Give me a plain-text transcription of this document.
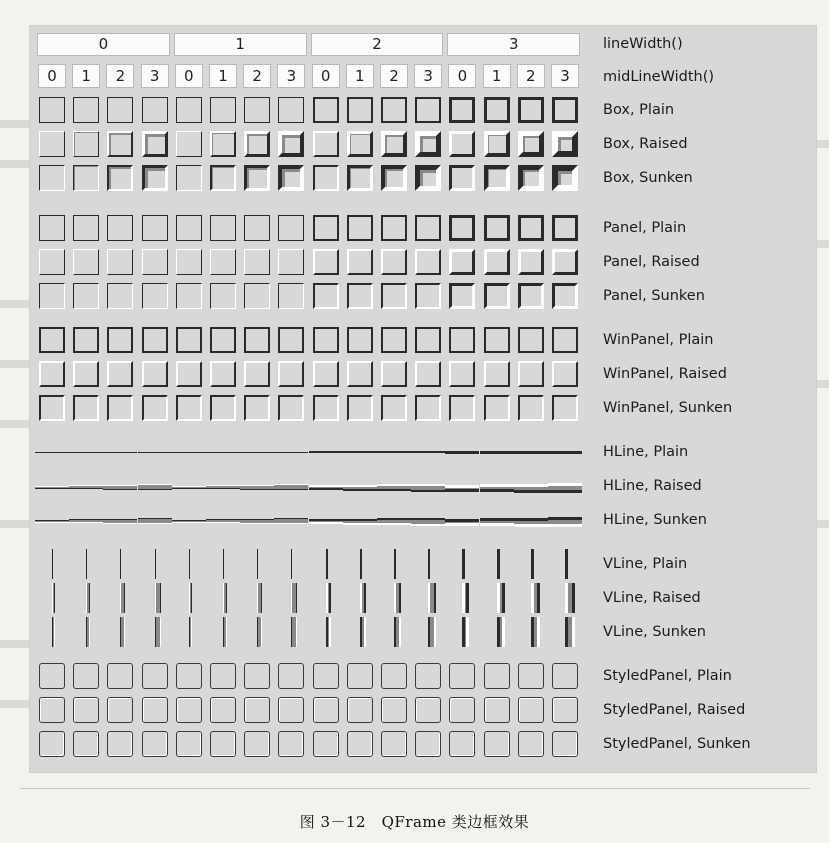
0	1	2	3
0	1	2	3	0	1	2	3	0	1	2	3	0	1	2	3
lineWidth()
midLineWidth()
Box, Plain
Box, Raised
Box, Sunken
Panel, Plain
Panel, Raised
Panel, Sunken
WinPanel, Plain
WinPanel, Raised
WinPanel, Sunken
HLine, Plain
HLine, Raised
HLine, Sunken
VLine, Plain
VLine, Raised
VLine, Sunken
StyledPanel, Plain
StyledPanel, Raised
StyledPanel, Sunken
图 3－12　QFrame 类边框效果
